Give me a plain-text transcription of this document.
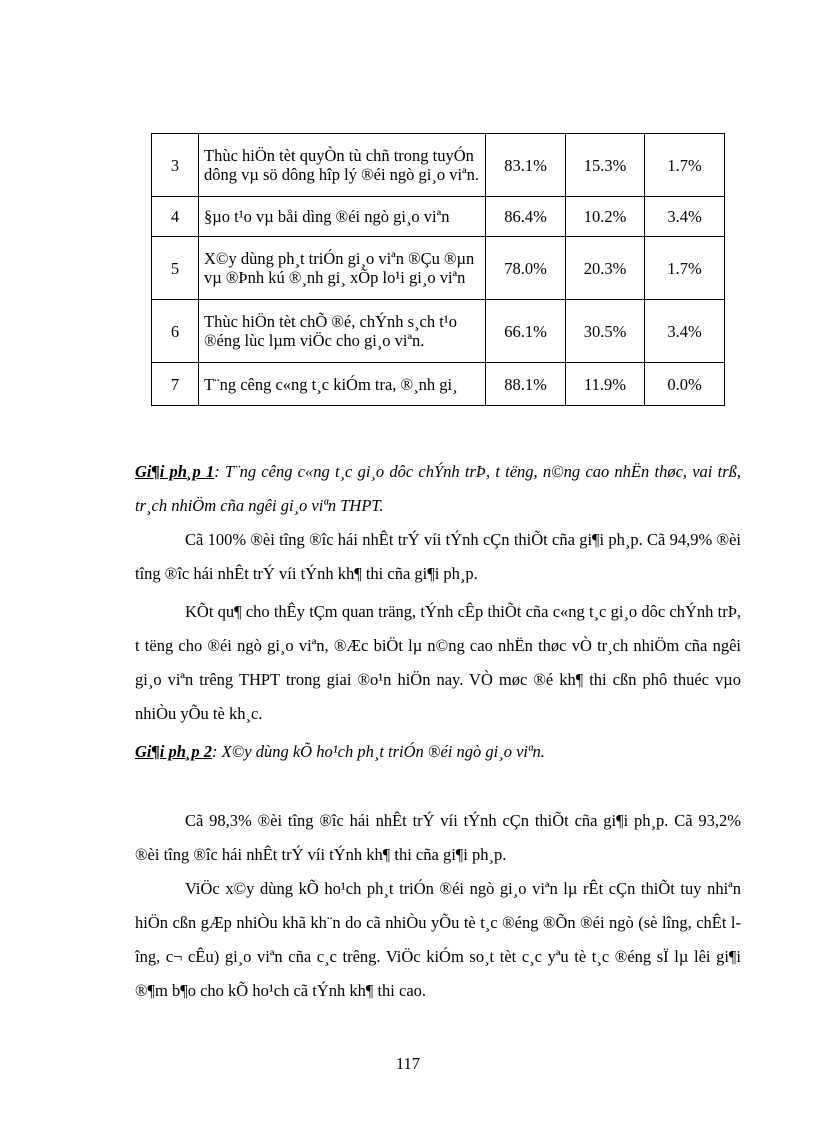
3	Thùc hiÖn tèt quyÒn tù chñ trong tuyÓn dông vµ sö dông hîp lý ®éi ngò gi¸o viªn.	83.1%	15.3%	1.7%
4	§µo t¹o vµ båi dìng ®éi ngò gi¸o viªn	86.4%	10.2%	3.4%
5	X©y dùng ph¸t triÓn gi¸o viªn ®Çu ®µn vµ ®Þnh kú ®¸nh gi¸ xÕp lo¹i gi¸o viªn	78.0%	20.3%	1.7%
6	Thùc hiÖn tèt chÕ ®é, chÝnh s¸ch t¹o ®éng lùc lµm viÖc cho gi¸o viªn.	66.1%	30.5%	3.4%
7	T¨ng cêng c«ng t¸c kiÓm tra, ®¸nh gi¸	88.1%	11.9%	0.0%

Gi¶i ph¸p 1: T¨ng cêng c«ng t¸c gi¸o dôc chÝnh trÞ, t tëng, n©ng cao nhËn thøc, vai trß, tr¸ch nhiÖm cña ngêi gi¸o viªn THPT.

Cã 100% ®èi tîng ®îc hái nhÊt trÝ víi tÝnh cÇn thiÕt cña gi¶i ph¸p. Cã 94,9% ®èi tîng ®îc hái nhÊt trÝ víi tÝnh kh¶ thi cña gi¶i ph¸p.

KÕt qu¶ cho thÊy tÇm quan träng, tÝnh cÊp thiÕt cña c«ng t¸c gi¸o dôc chÝnh trÞ, t tëng cho ®éi ngò gi¸o viªn, ®Æc biÖt lµ n©ng cao nhËn thøc vÒ tr¸ch nhiÖm cña ngêi gi¸o viªn trêng THPT trong giai ®o¹n hiÖn nay. VÒ møc ®é kh¶ thi cßn phô thuéc vµo nhiÒu yÕu tè kh¸c.

Gi¶i ph¸p 2: X©y dùng kÕ ho¹ch ph¸t triÓn ®éi ngò gi¸o viªn.

Cã 98,3% ®èi tîng ®îc hái nhÊt trÝ víi tÝnh cÇn thiÕt cña gi¶i ph¸p. Cã 93,2% ®èi tîng ®îc hái nhÊt trÝ víi tÝnh kh¶ thi cña gi¶i ph¸p.

ViÖc x©y dùng kÕ ho¹ch ph¸t triÓn ®éi ngò gi¸o viªn lµ rÊt cÇn thiÕt tuy nhiªn hiÖn cßn gÆp nhiÒu khã kh¨n do cã nhiÒu yÕu tè t¸c ®éng ®Õn ®éi ngò (sè lîng, chÊt lîng, c¬ cÊu) gi¸o viªn cña c¸c trêng. ViÖc kiÓm so¸t tèt c¸c yªu tè t¸c ®éng sÏ lµ lêi gi¶i ®¶m b¶o cho kÕ ho¹ch cã tÝnh kh¶ thi cao.

117
